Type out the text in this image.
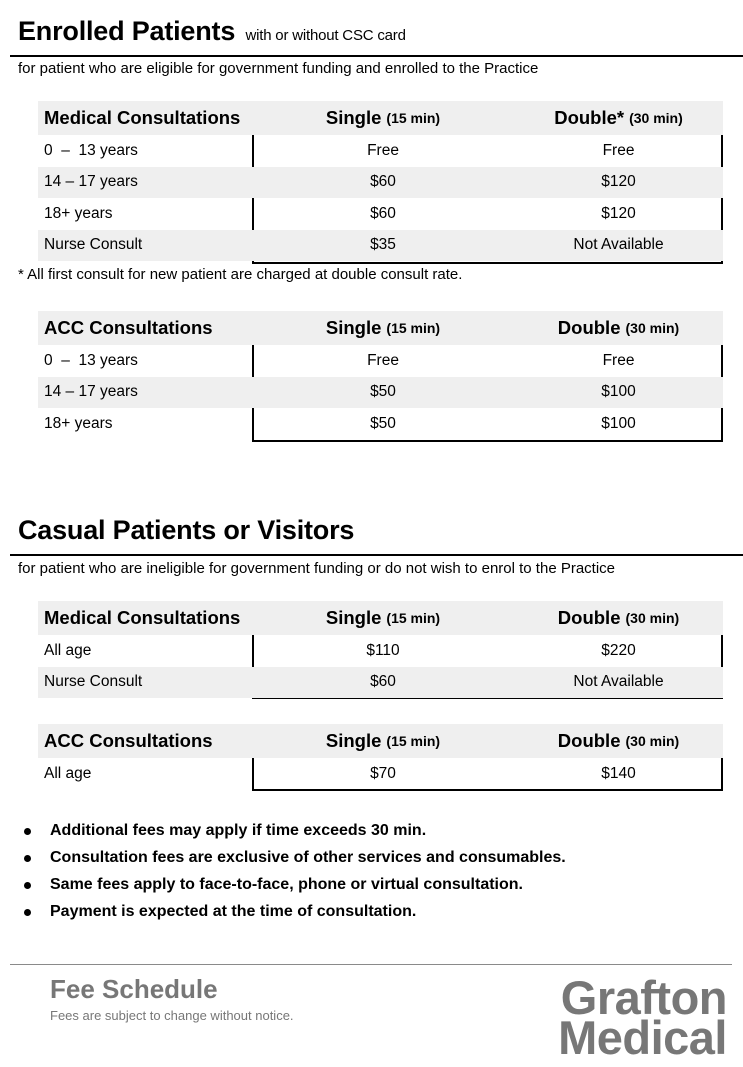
Enrolled Patients with or without CSC card
for patient who are eligible for government funding and enrolled to the Practice
Medical Consultations	Single (15 min)	Double* (30 min)
0  –  13 years	Free	Free
14 – 17 years	$60	$120
18+ years	$60	$120
Nurse Consult	$35	Not Available
* All first consult for new patient are charged at double consult rate.
ACC Consultations	Single (15 min)	Double (30 min)
0  –  13 years	Free	Free
14 – 17 years	$50	$100
18+ years	$50	$100
Casual Patients or Visitors
for patient who are ineligible for government funding or do not wish to enrol to the Practice
Medical Consultations	Single (15 min)	Double (30 min)
All age	$110	$220
Nurse Consult	$60	Not Available
ACC Consultations	Single (15 min)	Double (30 min)
All age	$70	$140
Additional fees may apply if time exceeds 30 min.
Consultation fees are exclusive of other services and consumables.
Same fees apply to face-to-face, phone or virtual consultation.
Payment is expected at the time of consultation.
Fee Schedule
Fees are subject to change without notice.	Grafton
Medical
